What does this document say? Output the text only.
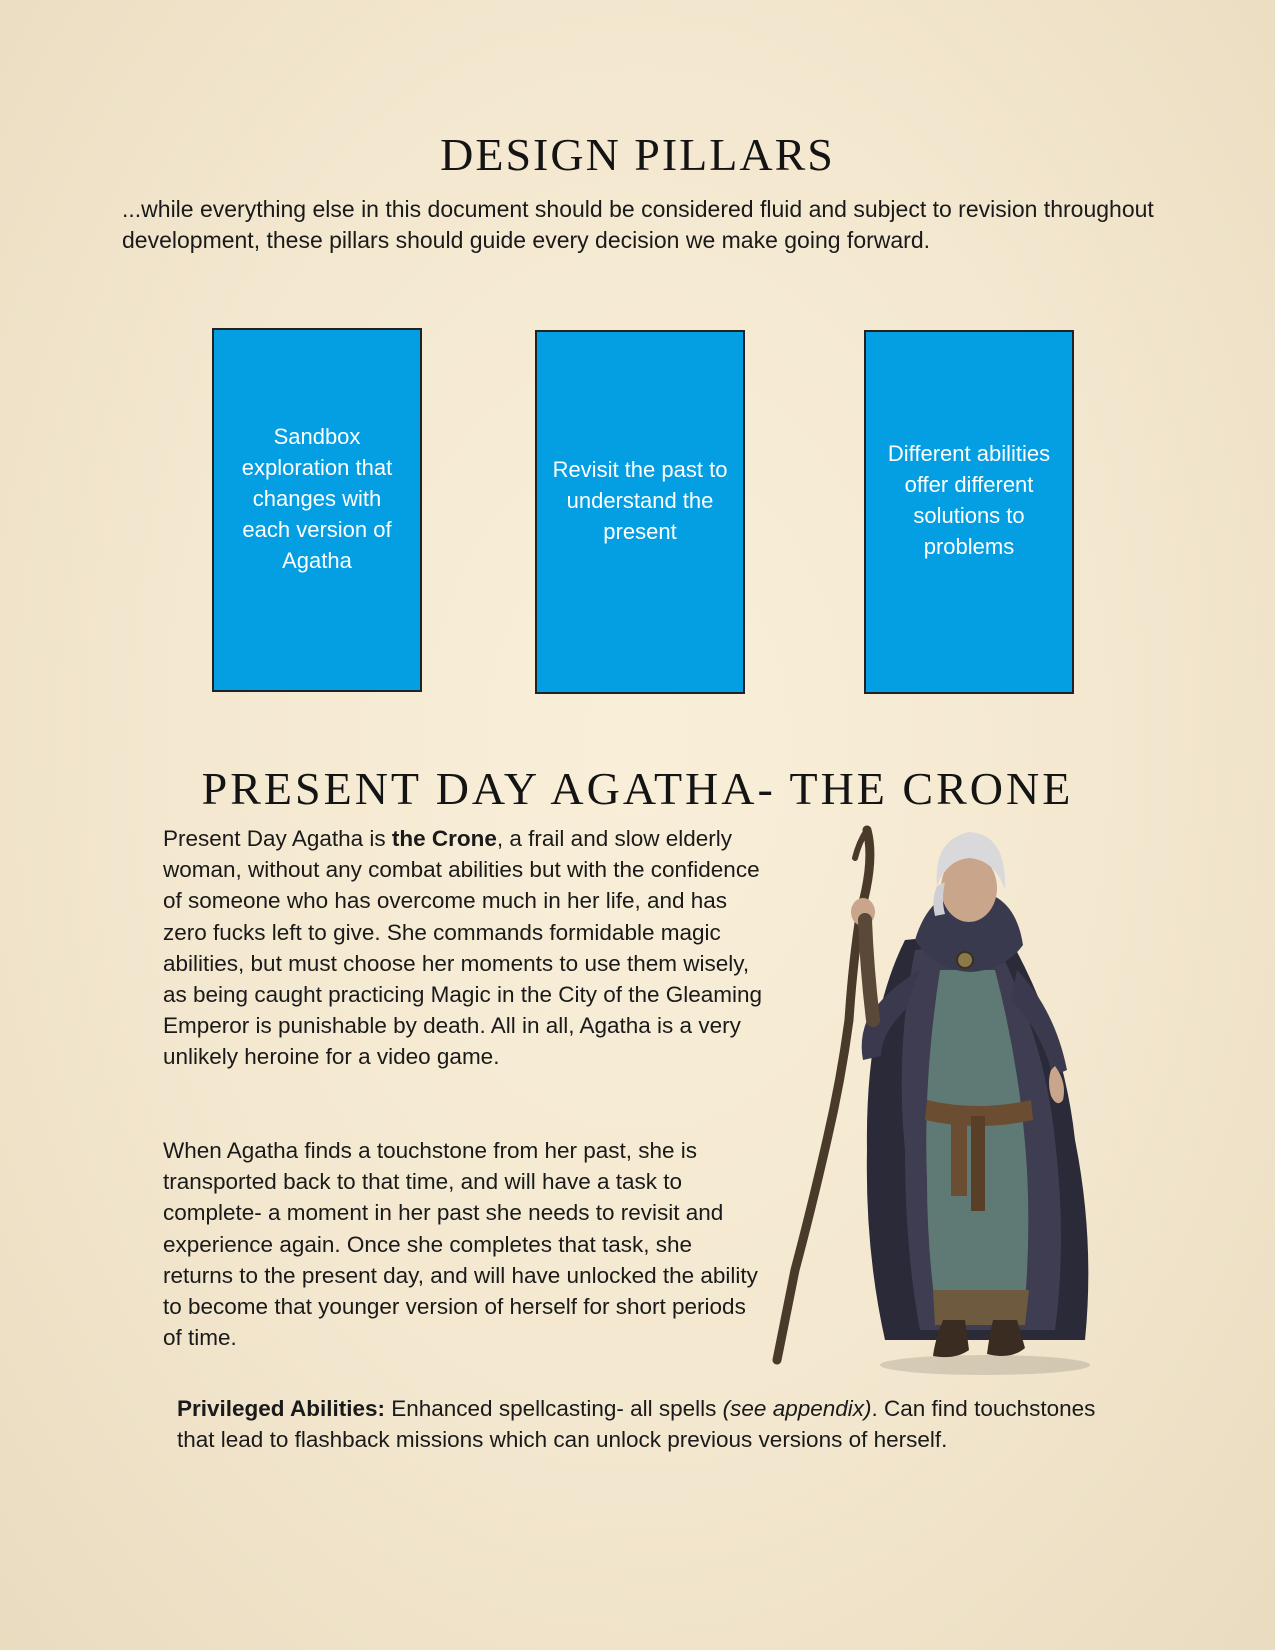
DESIGN PILLARS
...while everything else in this document should be considered fluid and subject to revision throughout development, these pillars should guide every decision we make going forward.
Sandbox exploration that changes with each version of Agatha
Revisit the past to understand the present
Different abilities offer different solutions to problems
PRESENT DAY AGATHA- THE CRONE
Present Day Agatha is the Crone, a frail and slow elderly woman, without any combat abilities but with the confidence of someone who has overcome much in her life, and has zero fucks left to give. She commands formidable magic abilities, but must choose her moments to use them wisely, as being caught practicing Magic in the City of the Gleaming Emperor is punishable by death. All in all, Agatha is a very unlikely heroine for a video game.
When Agatha finds a touchstone from her past, she is transported back to that time, and will have a task to complete- a moment in her past she needs to revisit and experience again. Once she completes that task, she returns to the present day, and will have unlocked the ability to become that younger version of herself for short periods of time.
Privileged Abilities: Enhanced spellcasting- all spells (see appendix). Can find touchstones that lead to flashback missions which can unlock previous versions of herself.
